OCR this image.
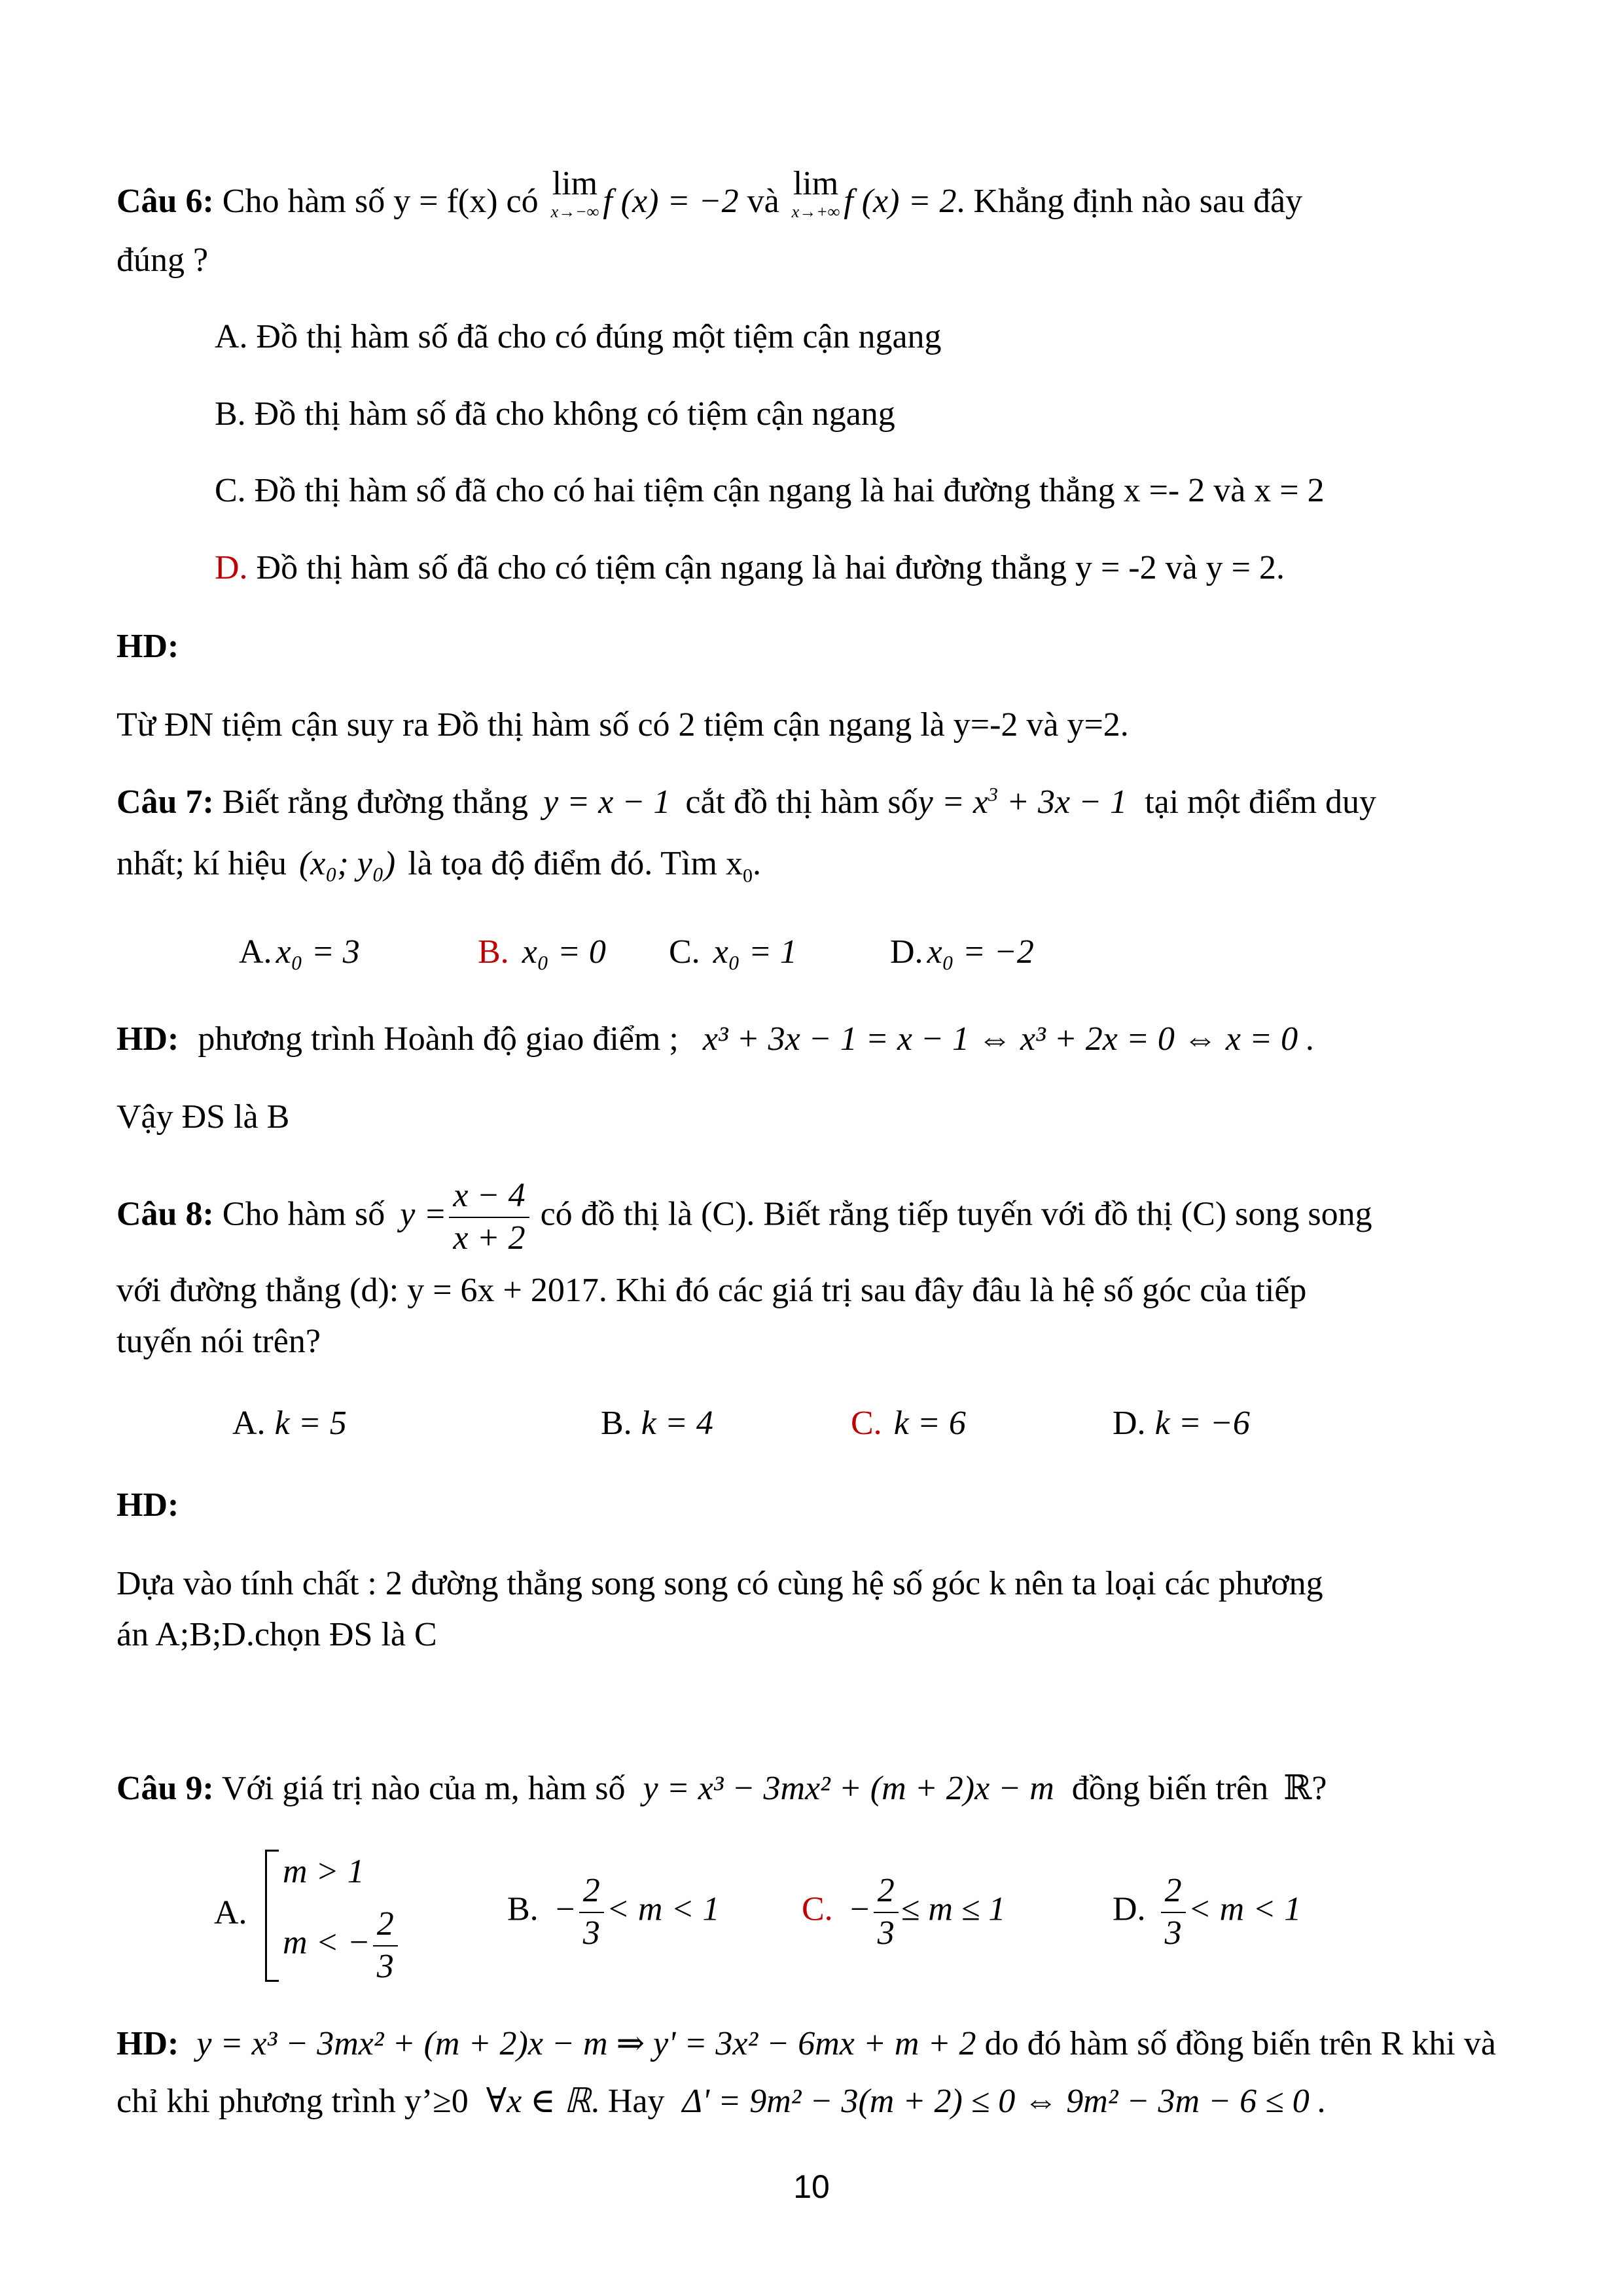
Câu 6: Cho hàm số y = f(x) có lim
x→−∞ f (x) = −2 và lim
x→+∞ f (x) = 2. Khẳng định nào sau đây
đúng ?
A. Đồ thị hàm số đã cho có đúng một tiệm cận ngang
B. Đồ thị hàm số đã cho không có tiệm cận ngang
C. Đồ thị hàm số đã cho có hai tiệm cận ngang là hai đường thẳng x =- 2 và x = 2
D. Đồ thị hàm số đã cho có tiệm cận ngang là hai đường thẳng y = -2 và y = 2.
HD:
Từ ĐN tiệm cận suy ra Đồ thị hàm số có 2 tiệm cận ngang là y=-2 và y=2.
Câu 7: Biết rằng đường thẳng y = x − 1 cắt đồ thị hàm sốy = $x^3 + 3x - 1$ tại một điểm duy
nhất; kí hiệu (x₀; y₀) là tọa độ điểm đó. Tìm $x_0$.
A. x₀ = 3	B. x₀ = 0 C. x₀ = 1	D. x₀ = −2
HD: phương trình Hoành độ giao điểm ; x³ + 3x − 1 = x − 1 ⇔ x³ + 2x = 0 ⇔ x = 0 .
Vậy ĐS là B
Câu 8: Cho hàm số $y = \frac{x - 4}{x + 2}$ có đồ thị là (C). Biết rằng tiếp tuyến với đồ thị (C) song song
với đường thẳng (d): y = 6x + 2017. Khi đó các giá trị sau đây đâu là hệ số góc của tiếp
tuyến nói trên?
A. k = 5	B. k = 4	C. k = 6	D. k = −6
HD:
Dựa vào tính chất : 2 đường thẳng song song có cùng hệ số góc k nên ta loại các phương
án A;B;D.chọn ĐS là C
Câu 9: Với giá trị nào của m, hàm số y = x³ − 3mx² + (m + 2)x − m đồng biến trên ℝ?
A.
m > 1
m < − $\frac{2}{3}$	B. − $\frac{2}{3} < m < 1$ C. − $\frac{2}{3} \le m \le 1$	D. $\frac{2}{3} < m < 1$
HD: y = x³ − 3mx² + (m + 2)x − m ⇒ y' = 3x² − 6mx + m + 2 do đó hàm số đồng biến trên R khi và
chỉ khi phương trình y’≥0 ∀x ∈ ℝ. Hay Δ' = 9m² − 3(m + 2) ≤ 0 ⇔ 9m² − 3m − 6 ≤ 0 .
10
